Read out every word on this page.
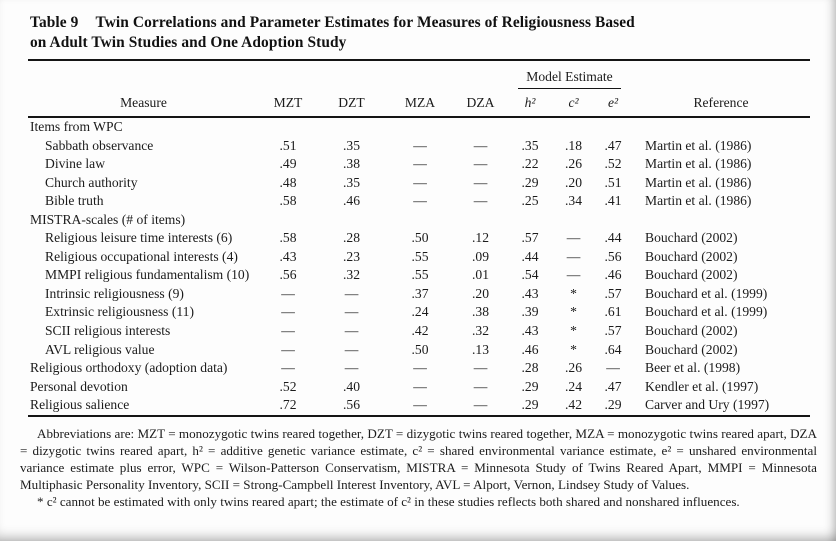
Table 9 Twin Correlations and Parameter Estimates for Measures of Religiousness Based
on Adult Twin Studies and One Adoption Study
					Model Estimate			
Measure	MZT	DZT	MZA	DZA	h²	c²	e²	Reference
Items from WPC								
Sabbath observance	.51	.35	—	—	.35	.18	.47	Martin et al. (1986)
Divine law	.49	.38	—	—	.22	.26	.52	Martin et al. (1986)
Church authority	.48	.35	—	—	.29	.20	.51	Martin et al. (1986)
Bible truth	.58	.46	—	—	.25	.34	.41	Martin et al. (1986)
MISTRA-scales (# of items)								
Religious leisure time interests (6)	.58	.28	.50	.12	.57	—	.44	Bouchard (2002)
Religious occupational interests (4)	.43	.23	.55	.09	.44	—	.56	Bouchard (2002)
MMPI religious fundamentalism (10)	.56	.32	.55	.01	.54	—	.46	Bouchard (2002)
Intrinsic religiousness (9)	—	—	.37	.20	.43	*	.57	Bouchard et al. (1999)
Extrinsic religiousness (11)	—	—	.24	.38	.39	*	.61	Bouchard et al. (1999)
SCII religious interests	—	—	.42	.32	.43	*	.57	Bouchard (2002)
AVL religious value	—	—	.50	.13	.46	*	.64	Bouchard (2002)
Religious orthodoxy (adoption data)	—	—	—	—	.28	.26	—	Beer et al. (1998)
Personal devotion	.52	.40	—	—	.29	.24	.47	Kendler et al. (1997)
Religious salience	.72	.56	—	—	.29	.42	.29	Carver and Ury (1997)

Abbreviations are: MZT = monozygotic twins reared together, DZT = dizygotic twins reared together, MZA = monozygotic twins reared apart, DZA = dizygotic twins reared apart, h² = additive genetic variance estimate, c² = shared environmental variance estimate, e² = unshared environmental variance estimate plus error, WPC = Wilson-Patterson Conservatism, MISTRA = Minnesota Study of Twins Reared Apart, MMPI = Minnesota Multiphasic Personality Inventory, SCII = Strong-Campbell Interest Inventory, AVL = Alport, Vernon, Lindsey Study of Values.

* c² cannot be estimated with only twins reared apart; the estimate of c² in these studies reflects both shared and nonshared influences.
